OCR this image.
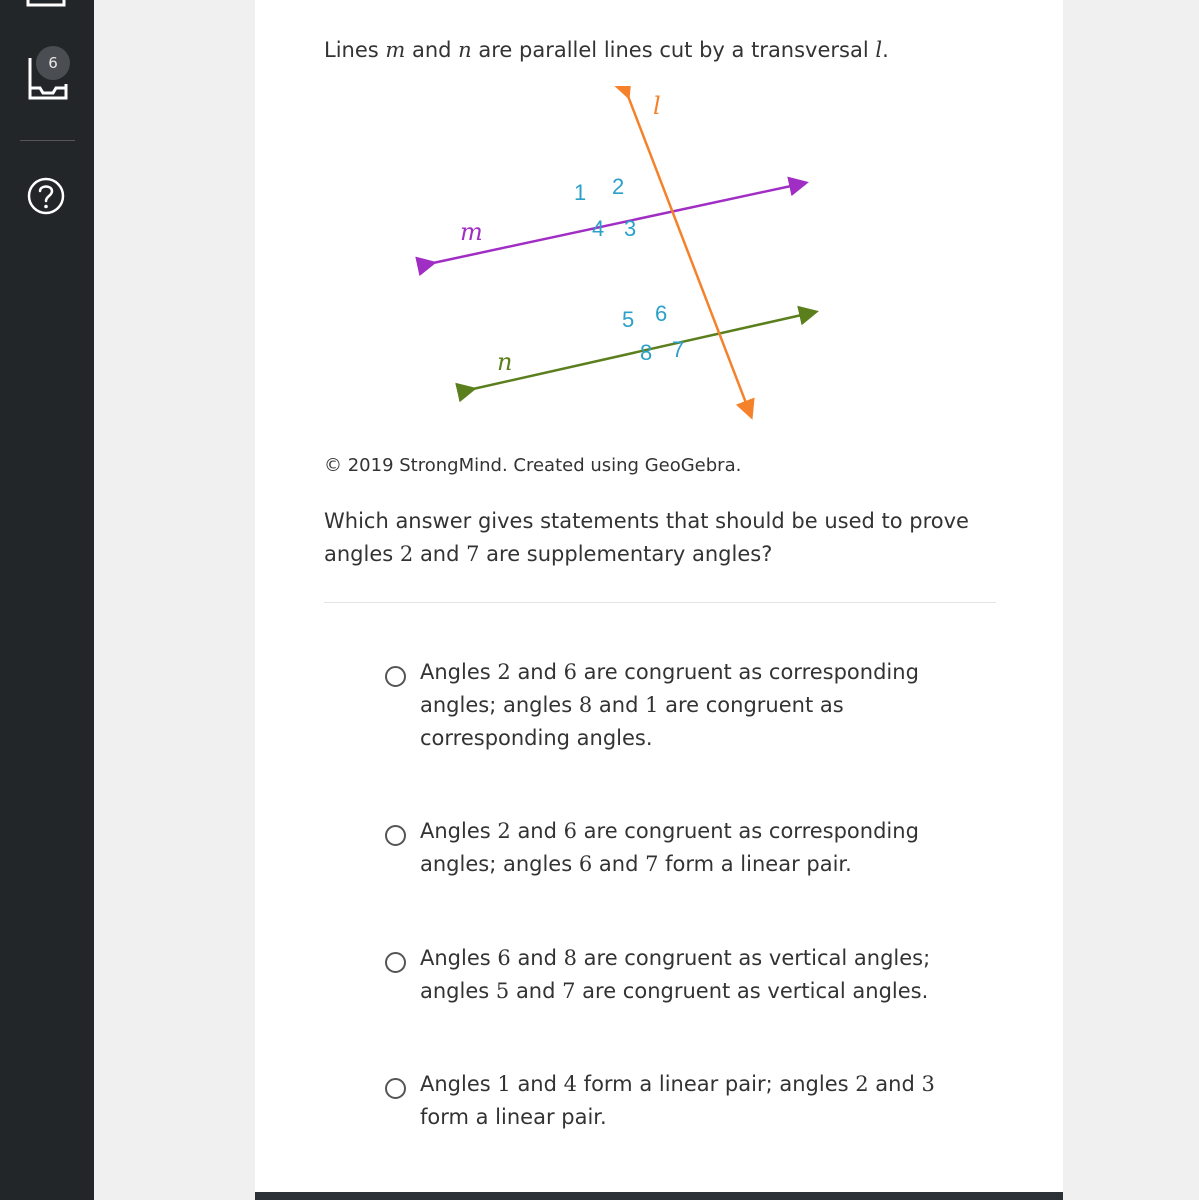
6

Lines m and n are parallel lines cut by a transversal l.

l
m
n
1 2
3
4
5 6
7
8
© 2019 StrongMind. Created using GeoGebra.

Which answer gives statements that should be used to prove angles 2 and 7 are supplementary angles?

Angles 2 and 6 are congruent as corresponding angles; angles 8 and 1 are congruent as corresponding angles.

Angles 2 and 6 are congruent as corresponding angles; angles 6 and 7 form a linear pair.

Angles 6 and 8 are congruent as vertical angles; angles 5 and 7 are congruent as vertical angles.

Angles 1 and 4 form a linear pair; angles 2 and 3 form a linear pair.
